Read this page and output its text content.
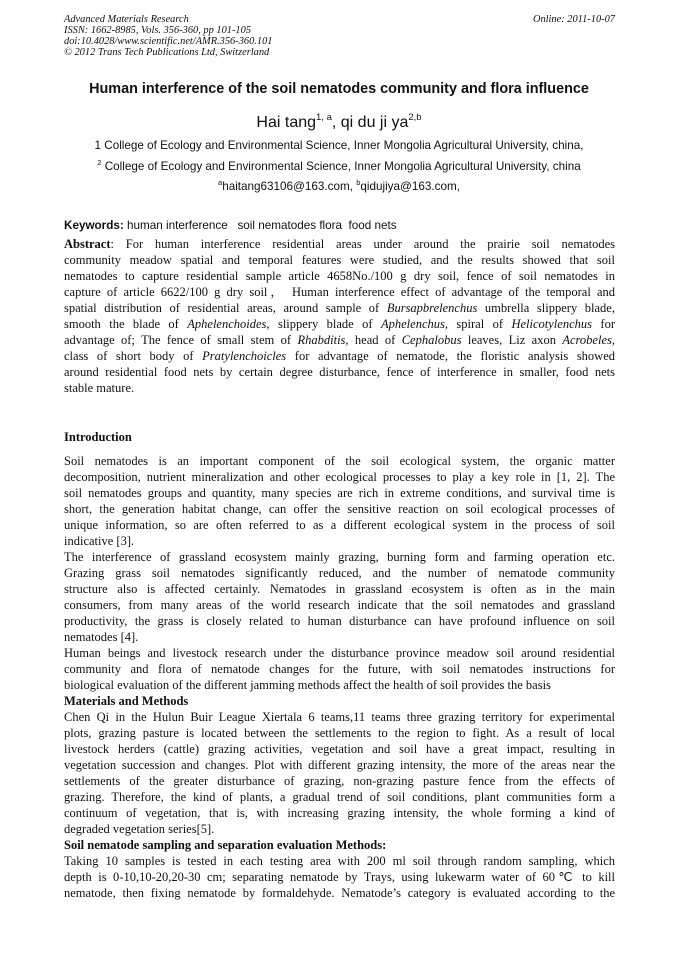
Advanced Materials Research
ISSN: 1662-8985, Vols. 356-360, pp 101-105
doi:10.4028/www.scientific.net/AMR.356-360.101
© 2012 Trans Tech Publications Ltd, Switzerland
Online: 2011-10-07
Human interference of the soil nematodes community and flora influence
Hai tang$^{1, a}$, qi du ji ya$^{2,b}$
1 College of Ecology and Environmental Science, Inner Mongolia Agricultural University, china,
$^2$ College of Ecology and Environmental Science, Inner Mongolia Agricultural University, china
$^a$haitang63106@163.com, $^b$qidujiya@163.com,
Keywords: human interference   soil nematodes flora  food nets
Abstract: For human interference residential areas under around the prairie soil nematodes
community meadow spatial and temporal features were studied, and the results showed that soil
nematodes to capture residential sample article 4658No./100 g dry soil, fence of soil nematodes in
capture of article 6622/100 g dry soil， Human interference effect of advantage of the temporal and
spatial distribution of residential areas, around sample of Bursapbrelenchus umbrella slippery blade,
smooth the blade of Aphelenchoides, slippery blade of Aphelenchus, spiral of Helicotylenchus for
advantage of; The fence of small stem of Rhabditis, head of Cephalobus leaves, Liz axon Acrobeles,
class of short body of Pratylenchoicles for advantage of nematode, the floristic analysis showed
around residential food nets by certain degree disturbance, fence of interference in smaller, food nets
stable mature.
Introduction
Soil nematodes is an important component of the soil ecological system, the organic matter
decomposition, nutrient mineralization and other ecological processes to play a key role in [1, 2]. The
soil nematodes groups and quantity, many species are rich in extreme conditions, and survival time is
short, the generation habitat change, can offer the sensitive reaction on soil ecological processes of
unique information, so are often referred to as a different ecological system in the process of soil
indicative [3].
The interference of grassland ecosystem mainly grazing, burning form and farming operation etc.
Grazing grass soil nematodes significantly reduced, and the number of nematode community
structure also is affected certainly. Nematodes in grassland ecosystem is often as in the main
consumers, from many areas of the world research indicate that the soil nematodes and grassland
productivity, the grass is closely related to human disturbance can have profound influence on soil
nematodes [4].
Human beings and livestock research under the disturbance province meadow soil around residential
community and flora of nematode changes for the future, with soil nematodes instructions for
biological evaluation of the different jamming methods affect the health of soil provides the basis
Materials and Methods
Chen Qi in the Hulun Buir League Xiertala 6 teams,11 teams three grazing territory for experimental
plots, grazing pasture is located between the settlements to the region to fight. As a result of local
livestock herders (cattle) grazing activities, vegetation and soil have a great impact, resulting in
vegetation succession and changes. Plot with different grazing intensity, the more of the areas near the
settlements of the greater disturbance of grazing, non-grazing pasture fence from the effects of
grazing. Therefore, the kind of plants, a gradual trend of soil conditions, plant communities form a
continuum of vegetation, that is, with increasing grazing intensity, the whole forming a kind of
degraded vegetation series[5].
Soil nematode sampling and separation evaluation Methods:
Taking 10 samples is tested in each testing area with 200 ml soil through random sampling, which
depth is 0-10,10-20,20-30 cm; separating nematode by Trays, using lukewarm water of 60℃ to kill
nematode, then fixing nematode by formaldehyde. Nematode’s category is evaluated according to the
